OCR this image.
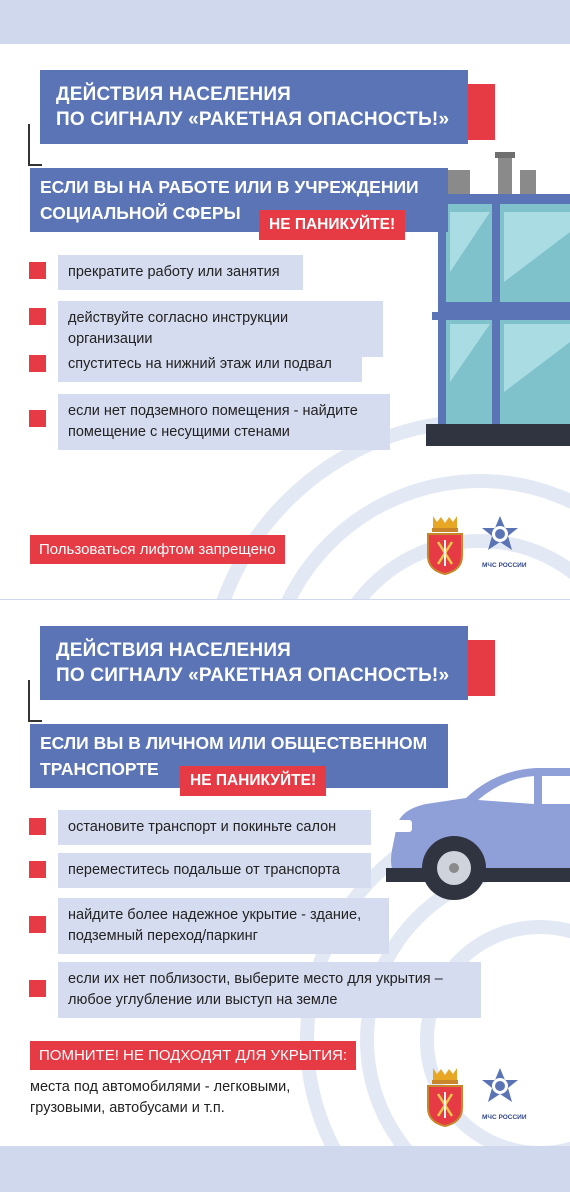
ДЕЙСТВИЯ НАСЕЛЕНИЯ
ПО СИГНАЛУ «РАКЕТНАЯ ОПАСНОСТЬ!»
ЕСЛИ ВЫ НА РАБОТЕ ИЛИ В УЧРЕЖДЕНИИ
СОЦИАЛЬНОЙ СФЕРЫ
НЕ ПАНИКУЙТЕ!
прекратите работу или занятия
действуйте согласно инструкции организации
спуститесь на нижний этаж или подвал
если нет подземного помещения - найдите помещение с несущими стенами
Пользоваться лифтом запрещено
МЧС РОССИИ
ДЕЙСТВИЯ НАСЕЛЕНИЯ
ПО СИГНАЛУ «РАКЕТНАЯ ОПАСНОСТЬ!»
ЕСЛИ ВЫ В ЛИЧНОМ ИЛИ ОБЩЕСТВЕННОМ
ТРАНСПОРТЕ
НЕ ПАНИКУЙТЕ!
остановите транспорт и покиньте салон
переместитесь подальше от транспорта
найдите более надежное укрытие - здание, подземный переход/паркинг
если их нет поблизости, выберите место для укрытия – любое углубление или выступ на земле
ПОМНИТЕ! НЕ ПОДХОДЯТ ДЛЯ УКРЫТИЯ:
места под автомобилями - легковыми, грузовыми, автобусами и т.п.
МЧС РОССИИ
